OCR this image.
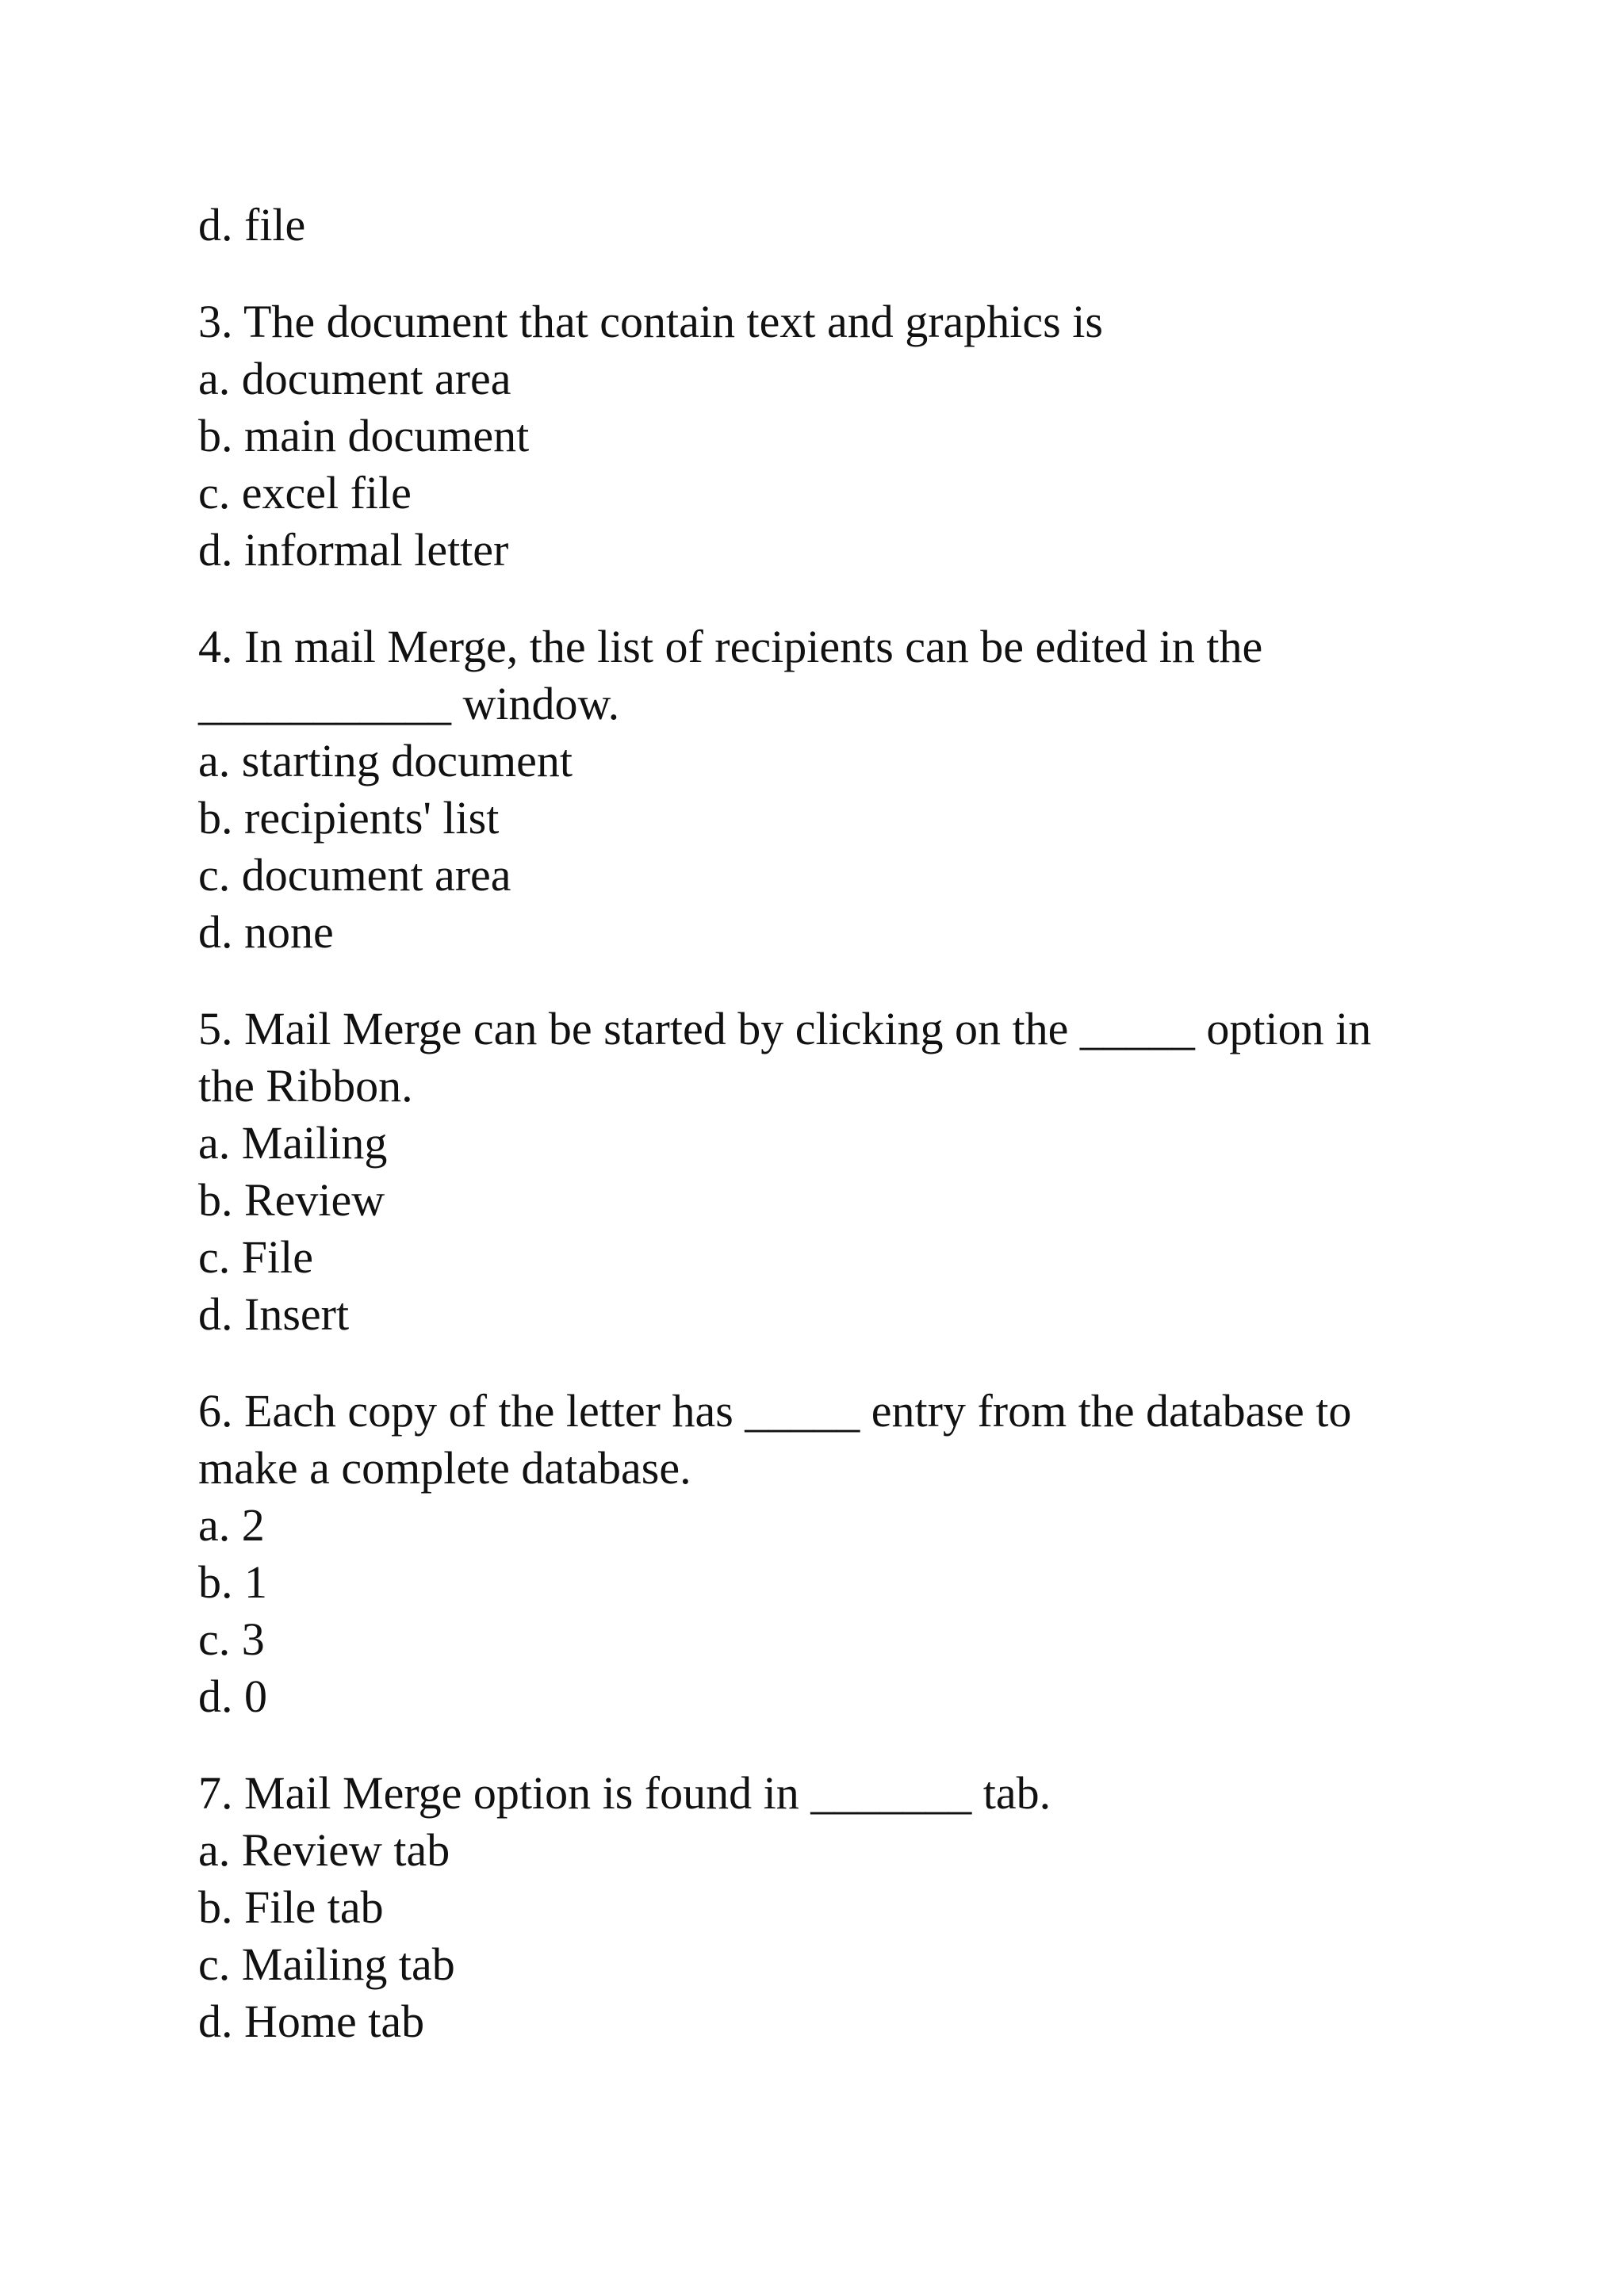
d. file

3. The document that contain text and graphics is

a. document area

b. main document

c. excel file

d. informal letter

4. In mail Merge, the list of recipients can be edited in the ___________ window.

a. starting document

b. recipients' list

c. document area

d. none

5. Mail Merge can be started by clicking on the _____ option in the Ribbon.

a. Mailing

b. Review

c. File

d. Insert

6. Each copy of the letter has _____ entry from the database to make a complete database.

a. 2

b. 1

c. 3

d. 0

7. Mail Merge option is found in _______ tab.

a. Review tab

b. File tab

c. Mailing tab

d. Home tab
